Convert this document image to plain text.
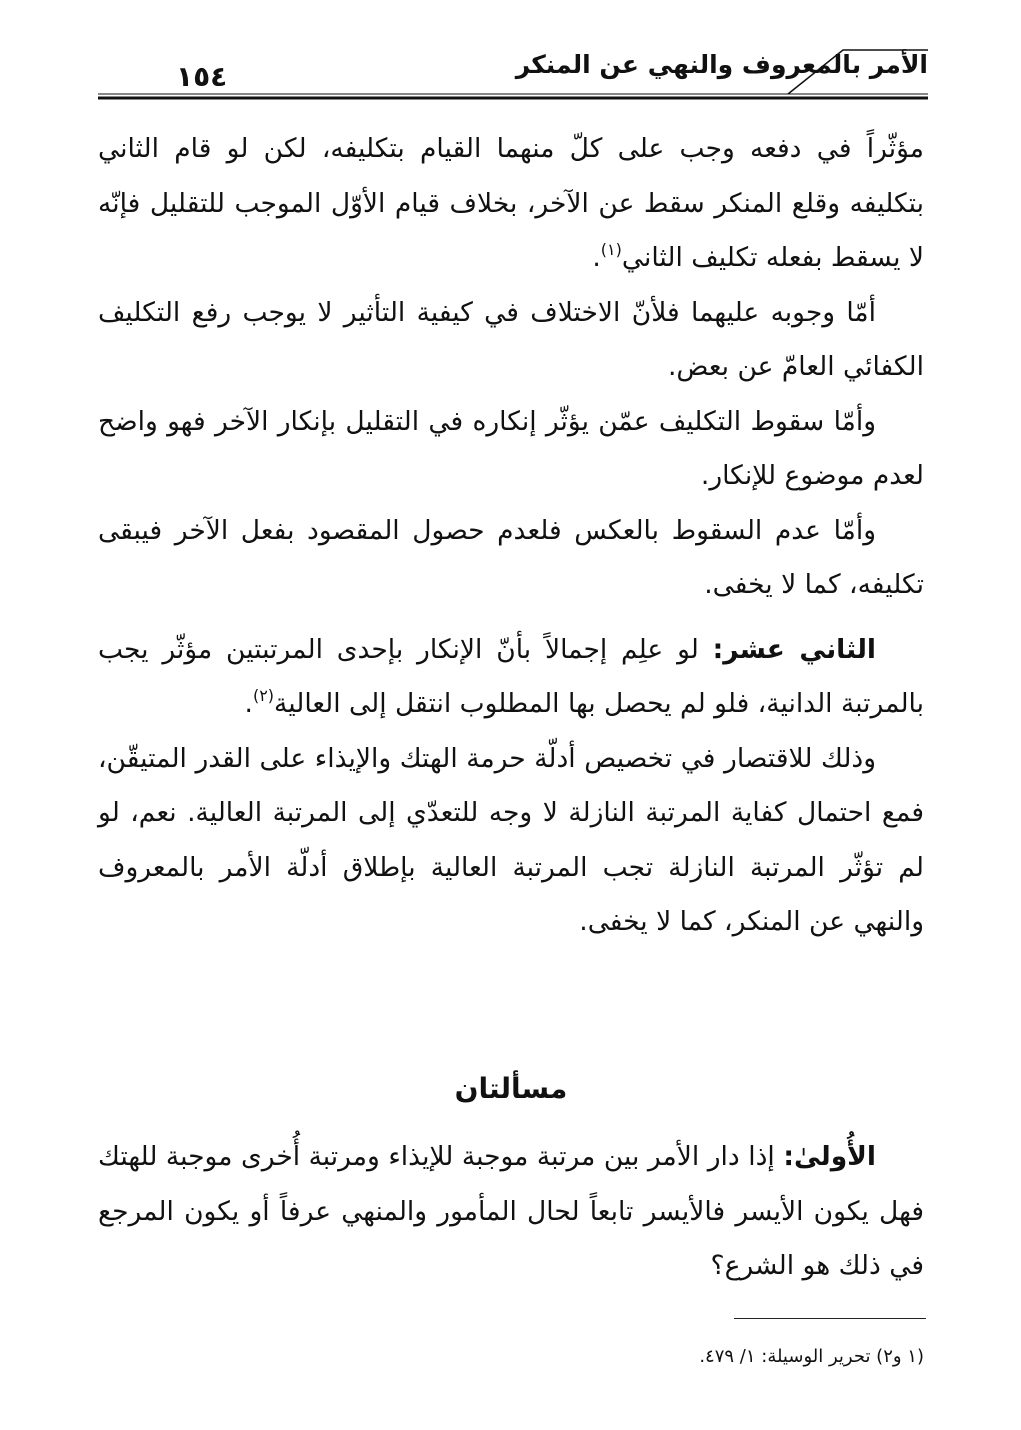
الأمر بالمعروف والنهي عن المنكر
١٥٤

مؤثّراً في دفعه وجب على كلّ منهما القيام بتكليفه، لكن لو قام الثاني بتكليفه وقلع المنكر سقط عن الآخر، بخلاف قيام الأوّل الموجب للتقليل فإنّه لا يسقط بفعله تكليف الثاني$^{(١)}$.

أمّا وجوبه عليهما فلأنّ الاختلاف في كيفية التأثير لا يوجب رفع التكليف الكفائي العامّ عن بعض.

وأمّا سقوط التكليف عمّن يؤثّر إنكاره في التقليل بإنكار الآخر فهو واضح لعدم موضوع للإنكار.

وأمّا عدم السقوط بالعكس فلعدم حصول المقصود بفعل الآخر فيبقى تكليفه، كما لا يخفى.

الثاني عشر: لو علِم إجمالاً بأنّ الإنكار بإحدى المرتبتين مؤثّر يجب بالمرتبة الدانية، فلو لم يحصل بها المطلوب انتقل إلى العالية$^{(٢)}$.

وذلك للاقتصار في تخصيص أدلّة حرمة الهتك والإيذاء على القدر المتيقّن، فمع احتمال كفاية المرتبة النازلة لا وجه للتعدّي إلى المرتبة العالية. نعم، لو لم تؤثّر المرتبة النازلة تجب المرتبة العالية بإطلاق أدلّة الأمر بالمعروف والنهي عن المنكر، كما لا يخفى.

مسألتان

الأُولىٰ: إذا دار الأمر بين مرتبة موجبة للإيذاء ومرتبة أُخرى موجبة للهتك فهل يكون الأيسر فالأيسر تابعاً لحال المأمور والمنهي عرفاً أو يكون المرجع في ذلك هو الشرع؟

(١ و٢) تحرير الوسيلة: ١/ ٤٧٩.
